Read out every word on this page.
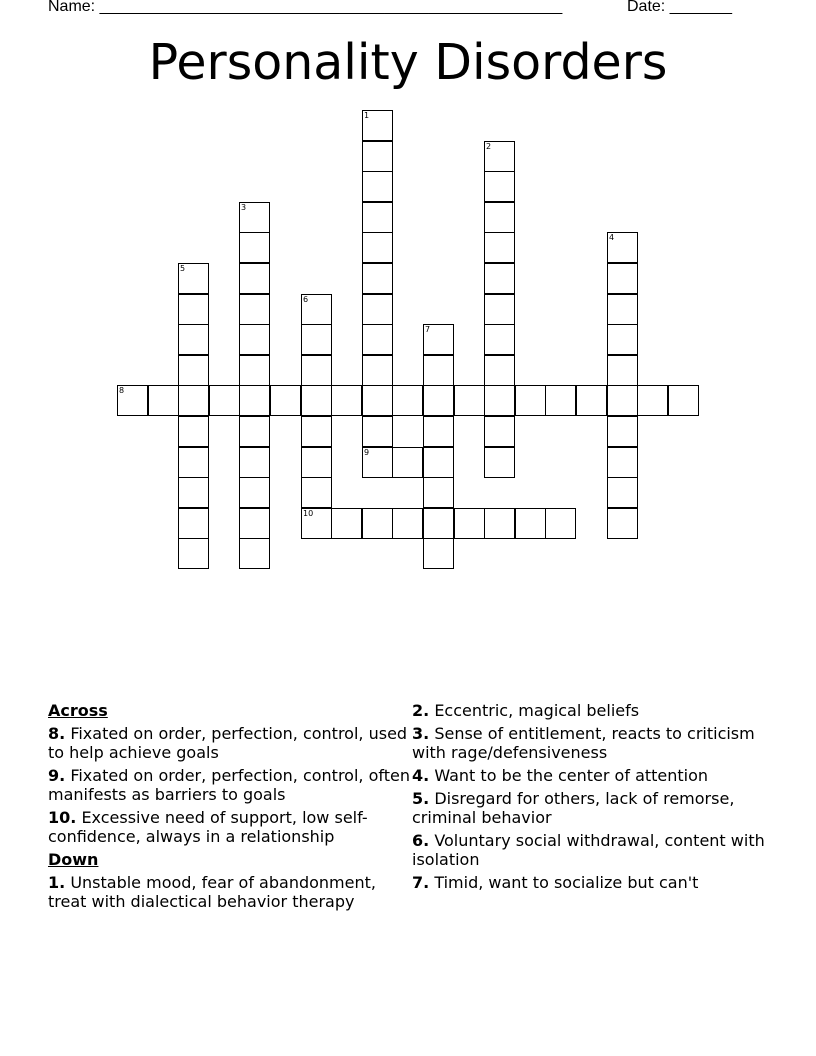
Name: ____________________________________________________	Date: _______
Personality Disorders
1
9
2
3
4
5
6
7
8
10
Across
8. Fixated on order, perfection, control, used to help achieve goals
9. Fixated on order, perfection, control, often manifests as barriers to goals
10. Excessive need of support, low self-confidence, always in a relationship
Down
1. Unstable mood, fear of abandonment, treat with dialectical behavior therapy
2. Eccentric, magical beliefs
3. Sense of entitlement, reacts to criticism with rage/defensiveness
4. Want to be the center of attention
5. Disregard for others, lack of remorse, criminal behavior
6. Voluntary social withdrawal, content with isolation
7. Timid, want to socialize but can't
